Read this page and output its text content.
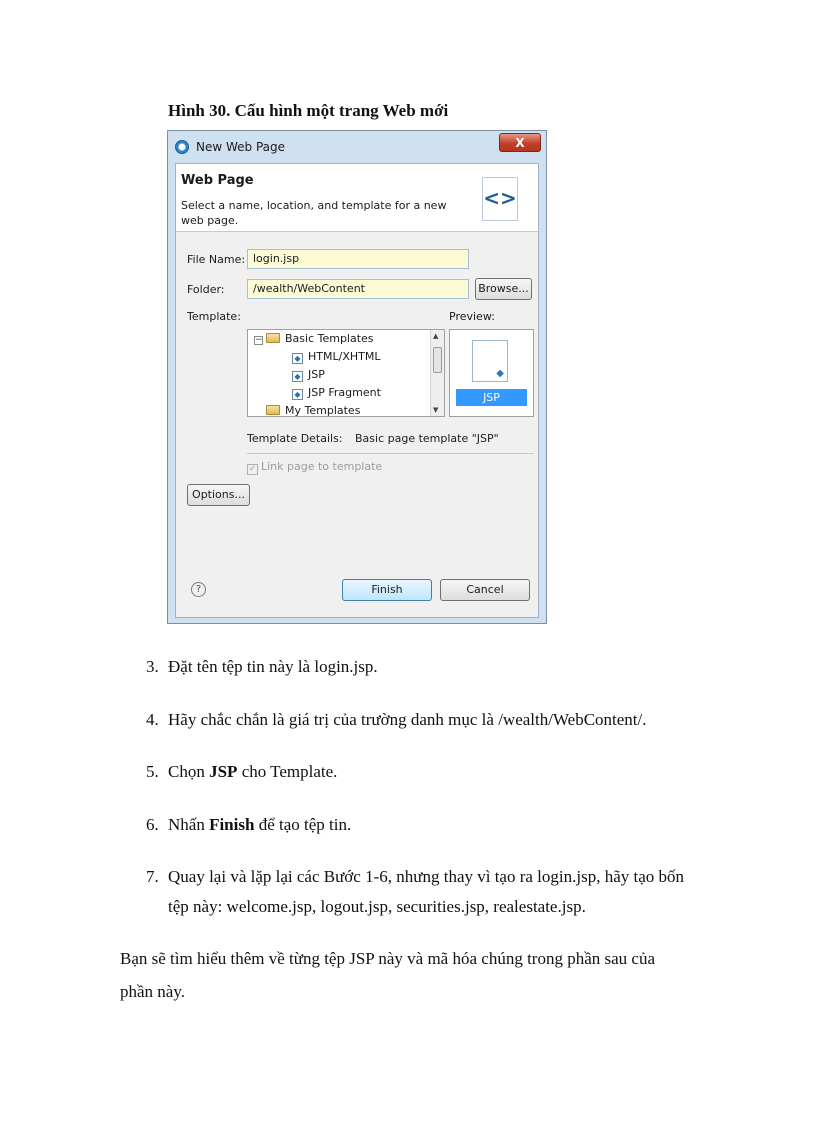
Hình 30. Cấu hình một trang Web mới
New Web Page	X
Web Page
Select a name, location, and template for a new web page.
<>
File Name: login.jsp
Folder:	/wealth/WebContent	Browse...
Template:	Preview:
− Basic Templates
◆ HTML/XHTML
◆ JSP
◆ JSP Fragment
My Templates
▲
▼
◆
JSP
Template Details: Basic page template "JSP"
✓ Link page to template
Options...
?	Finish	Cancel
3. Đặt tên tệp tin này là login.jsp.
4. Hãy chắc chắn là giá trị của trường danh mục là /wealth/WebContent/.
5. Chọn JSP cho Template.
6. Nhấn Finish để tạo tệp tin.
7. Quay lại và lặp lại các Bước 1-6, nhưng thay vì tạo ra login.jsp, hãy tạo bốn
tệp này: welcome.jsp, logout.jsp, securities.jsp, realestate.jsp.
Bạn sẽ tìm hiểu thêm về từng tệp JSP này và mã hóa chúng trong phần sau của
phần này.
